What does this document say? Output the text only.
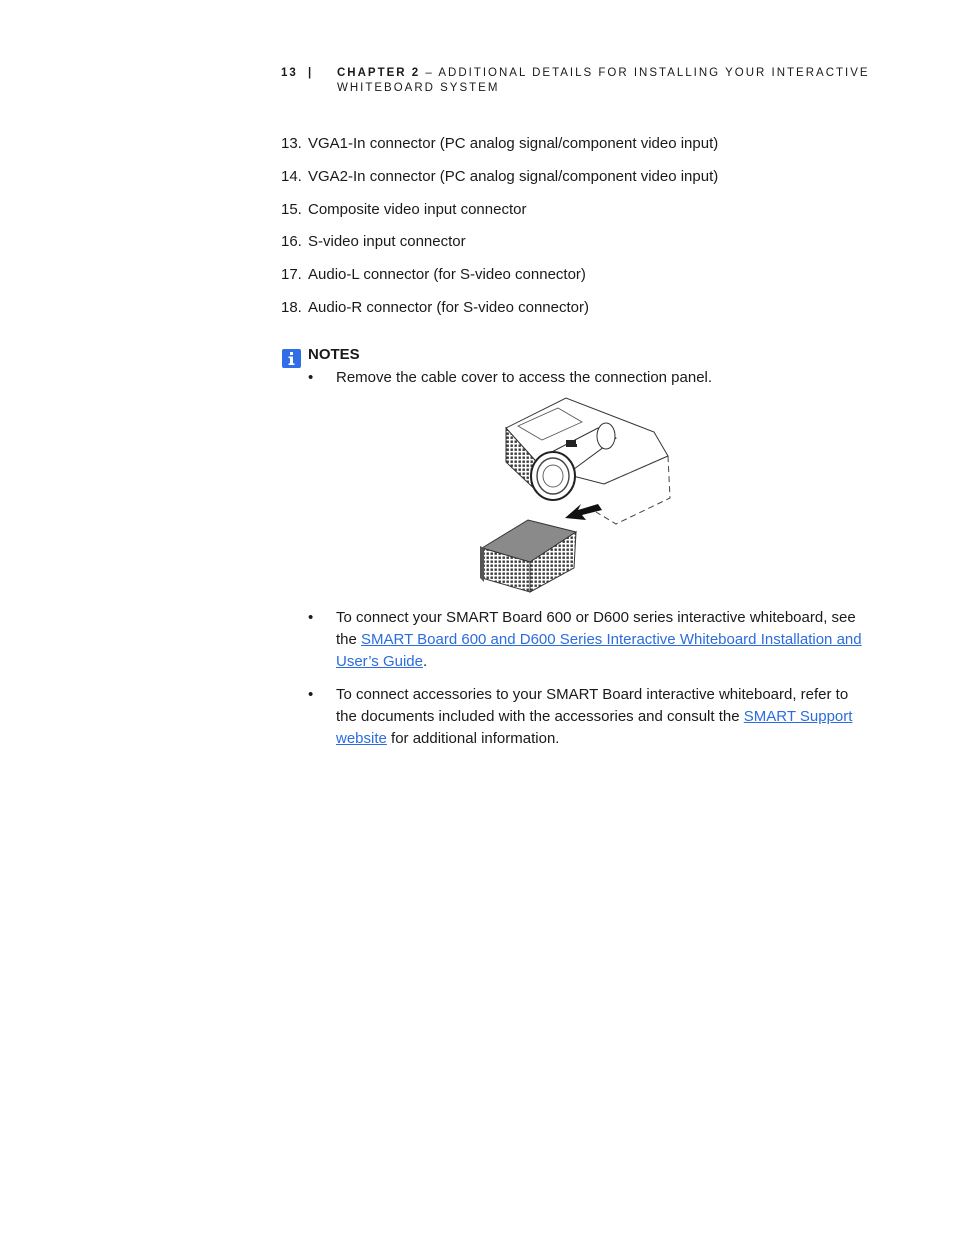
13 | CHAPTER 2 – ADDITIONAL DETAILS FOR INSTALLING YOUR INTERACTIVE WHITEBOARD SYSTEM
13. VGA1-In connector (PC analog signal/component video input)
14. VGA2-In connector (PC analog signal/component video input)
15. Composite video input connector
16. S-video input connector
17. Audio-L connector (for S-video connector)
18. Audio-R connector (for S-video connector)
NOTES
• Remove the cable cover to access the connection panel.
• To connect your SMART Board 600 or D600 series interactive whiteboard, see the SMART Board 600 and D600 Series Interactive Whiteboard Installation and User’s Guide.
• To connect accessories to your SMART Board interactive whiteboard, refer to the documents included with the accessories and consult the SMART Support website for additional information.
